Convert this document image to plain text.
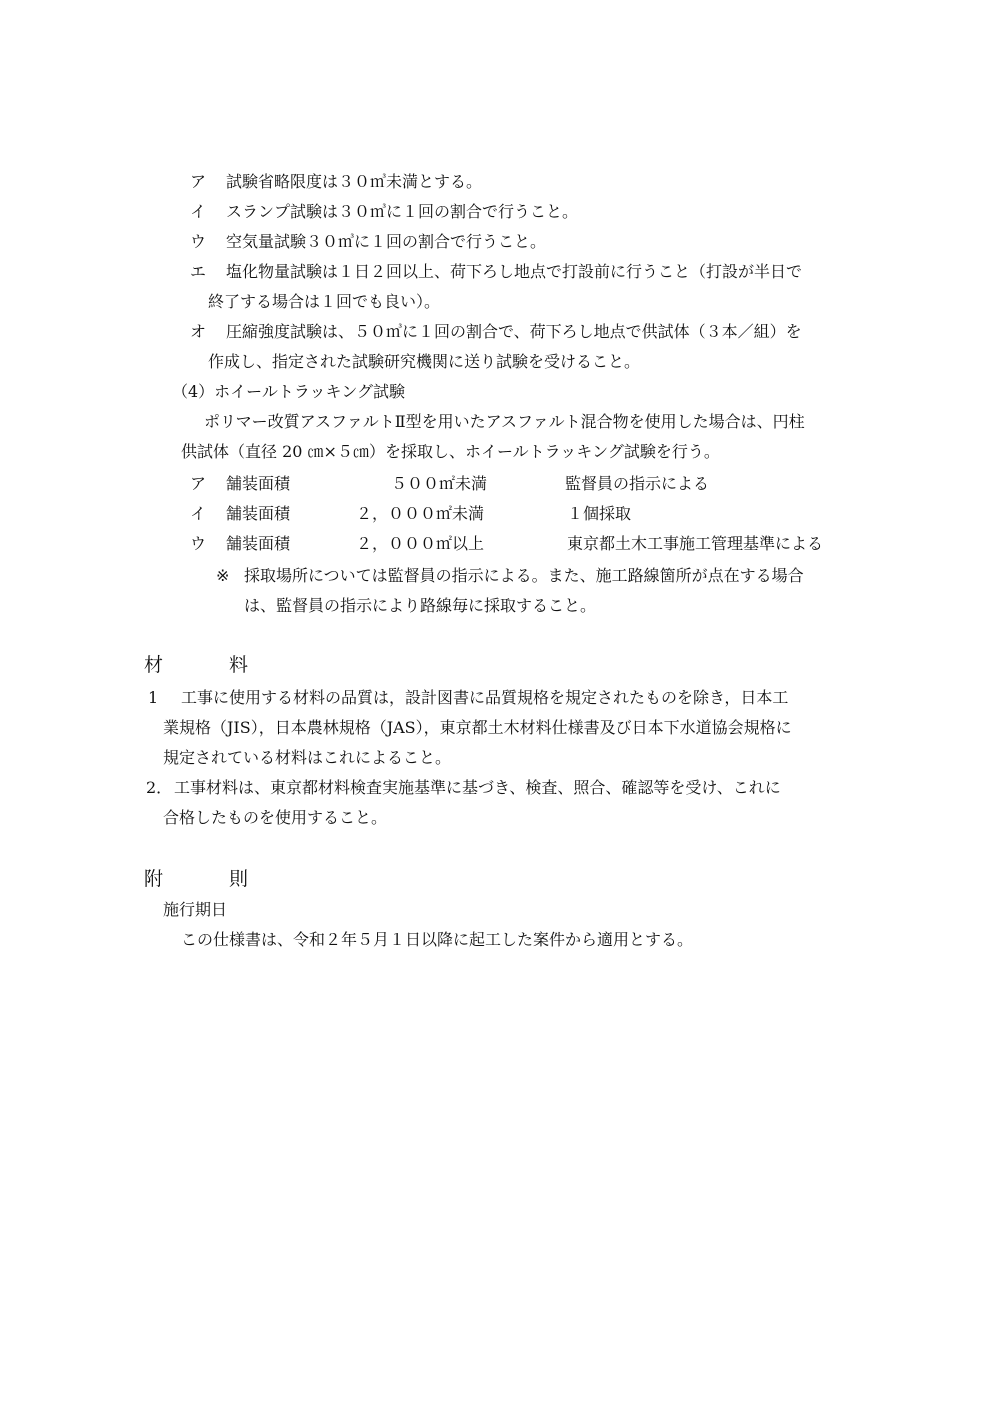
ア 試験省略限度は３０㎥未満とする。
イ スランプ試験は３０㎥に１回の割合で行うこと。
ウ 空気量試験３０㎥に１回の割合で行うこと。
エ 塩化物量試験は１日２回以上、荷下ろし地点で打設前に行うこと（打設が半日で
終了する場合は１回でも良い）。
オ 圧縮強度試験は、５０㎥に１回の割合で、荷下ろし地点で供試体（３本／組）を
作成し、指定された試験研究機関に送り試験を受けること。
（4）ホイールトラッキング試験
ポリマー改質アスファルトⅡ型を用いたアスファルト混合物を使用した場合は、円柱
供試体（直径 20 ㎝×５㎝）を採取し、ホイールトラッキング試験を行う。
ア 舗装面積	５００㎡未満	監督員の指示による
イ 舗装面積	２，０００㎡未満	１個採取
ウ 舗装面積	２，０００㎡以上	東京都土木工事施工管理基準による
※ 採取場所については監督員の指示による。また、施工路線箇所が点在する場合
は、監督員の指示により路線毎に採取すること。
材	料
1 工事に使用する材料の品質は，設計図書に品質規格を規定されたものを除き，日本工
業規格（JIS），日本農林規格（JAS），東京都土木材料仕様書及び日本下水道協会規格に
規定されている材料はこれによること。
2． 工事材料は、東京都材料検査実施基準に基づき、検査、照合、確認等を受け、これに
合格したものを使用すること。
附	則
施行期日
この仕様書は、令和２年５月１日以降に起工した案件から適用とする。
